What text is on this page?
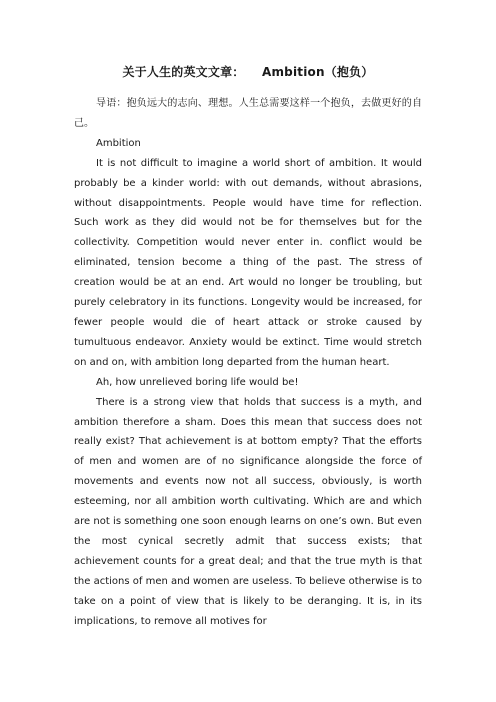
关于人生的英文文章：    Ambition（抱负）

导语：抱负远大的志向、理想。人生总需要这样一个抱负，去做更好的自己。

Ambition

It is not difficult to imagine a world short of ambition. It would probably be a kinder world: with out demands, without abrasions, without disappointments. People would have time for reflection. Such work as they did would not be for themselves but for the collectivity. Competition would never enter in. conflict would be eliminated, tension become a thing of the past. The stress of creation would be at an end. Art would no longer be troubling, but purely celebratory in its functions. Longevity would be increased, for fewer people would die of heart attack or stroke caused by tumultuous endeavor. Anxiety would be extinct. Time would stretch on and on, with ambition long departed from the human heart.

Ah, how unrelieved boring life would be!

There is a strong view that holds that success is a myth, and ambition therefore a sham. Does this mean that success does not really exist? That achievement is at bottom empty? That the efforts of men and women are of no significance alongside the force of movements and events now not all success, obviously, is worth esteeming, nor all ambition worth cultivating. Which are and which are not is something one soon enough learns on one’s own. But even the most cynical secretly admit that success exists; that achievement counts for a great deal; and that the true myth is that the actions of men and women are useless. To believe otherwise is to take on a point of view that is likely to be deranging. It is, in its implications, to remove all motives for
